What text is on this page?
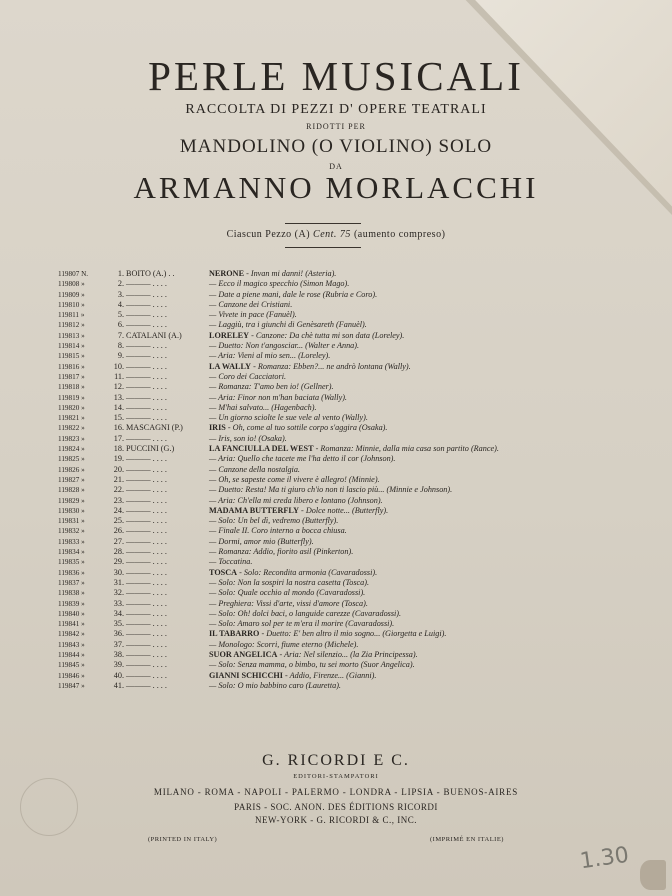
PERLE MUSICALI
RACCOLTA DI PEZZI D' OPERE TEATRALI
RIDOTTI PER
MANDOLINO (O VIOLINO) SOLO
DA
ARMANNO MORLACCHI
Ciascun Pezzo (A) Cent. 75 (aumento compreso)
119807 N.	1. BOITO (A.) . .	NERONE - Invan mi danni! (Asteria).
119808 »	2. ——— . . . .	— Ecco il magico specchio (Simon Mago).
119809 »	3. ——— . . . .	— Date a piene mani, dale le rose (Rubria e Coro).
119810 »	4. ——— . . . .	— Canzone dei Cristiani.
119811 »	5. ——— . . . .	— Vivete in pace (Fanuèl).
119812 »	6. ——— . . . .	— Laggiù, tra i giunchi di Genèsareth (Fanuèl).
119813 »	7. CATALANI (A.)	LORELEY - Canzone: Da chè tutta mi son data (Loreley).
119814 »	8. ——— . . . .	— Duetto: Non t'angosciar... (Walter e Anna).
119815 »	9. ——— . . . .	— Aria: Vieni al mio sen... (Loreley).
119816 »	10. ——— . . . .	LA WALLY - Romanza: Ebben?... ne andrò lontana (Wally).
119817 »	11. ——— . . . .	— Coro dei Cacciatori.
119818 »	12. ——— . . . .	— Romanza: T'amo ben io! (Gellner).
119819 »	13. ——— . . . .	— Aria: Finor non m'han baciata (Wally).
119820 »	14. ——— . . . .	— M'hai salvato... (Hagenbach).
119821 »	15. ——— . . . .	— Un giorno sciolte le sue vele al vento (Wally).
119822 »	16. MASCAGNI (P.)	IRIS - Oh, come al tuo sottile corpo s'aggira (Osaka).
119823 »	17. ——— . . . .	— Iris, son io! (Osaka).
119824 »	18. PUCCINI (G.)	LA FANCIULLA DEL WEST - Romanza: Minnie, dalla mia casa son partito (Rance).
119825 »	19. ——— . . . .	— Aria: Quello che tacete me l'ha detto il cor (Johnson).
119826 »	20. ——— . . . .	— Canzone della nostalgia.
119827 »	21. ——— . . . .	— Oh, se sapeste come il vivere è allegro! (Minnie).
119828 »	22. ——— . . . .	— Duetto: Resta! Ma ti giuro ch'io non ti lascio più... (Minnie e Johnson).
119829 »	23. ——— . . . .	— Aria: Ch'ella mi creda libero e lontano (Johnson).
119830 »	24. ——— . . . .	MADAMA BUTTERFLY - Dolce notte... (Butterfly).
119831 »	25. ——— . . . .	— Solo: Un bel dì, vedremo (Butterfly).
119832 »	26. ——— . . . .	— Finale II. Coro interno a bocca chiusa.
119833 »	27. ——— . . . .	— Dormi, amor mio (Butterfly).
119834 »	28. ——— . . . .	— Romanza: Addio, fiorito asil (Pinkerton).
119835 »	29. ——— . . . .	— Toccatina.
119836 »	30. ——— . . . .	TOSCA - Solo: Recondita armonia (Cavaradossi).
119837 »	31. ——— . . . .	— Solo: Non la sospiri la nostra casetta (Tosca).
119838 »	32. ——— . . . .	— Solo: Quale occhio al mondo (Cavaradossi).
119839 »	33. ——— . . . .	— Preghiera: Vissi d'arte, vissi d'amore (Tosca).
119840 »	34. ——— . . . .	— Solo: Oh! dolci baci, o languide carezze (Cavaradossi).
119841 »	35. ——— . . . .	— Solo: Amaro sol per te m'era il morire (Cavaradossi).
119842 »	36. ——— . . . .	IL TABARRO - Duetto: E' ben altro il mio sogno... (Giorgetta e Luigi).
119843 »	37. ——— . . . .	— Monologo: Scorri, fiume eterno (Michele).
119844 »	38. ——— . . . .	SUOR ANGELICA - Aria: Nel silenzio... (la Zia Principessa).
119845 »	39. ——— . . . .	— Solo: Senza mamma, o bimbo, tu sei morto (Suor Angelica).
119846 »	40. ——— . . . .	GIANNI SCHICCHI - Addio, Firenze... (Gianni).
119847 »	41. ——— . . . .	— Solo: O mio babbino caro (Lauretta).
G. RICORDI E C.
EDITORI-STAMPATORI
MILANO - ROMA - NAPOLI - PALERMO - LONDRA - LIPSIA - BUENOS-AIRES
PARIS - SOC. ANON. DES ÉDITIONS RICORDI
NEW-YORK - G. RICORDI & C., INC.
(PRINTED IN ITALY)	(IMPRIMÉ EN ITALIE)
1.30
